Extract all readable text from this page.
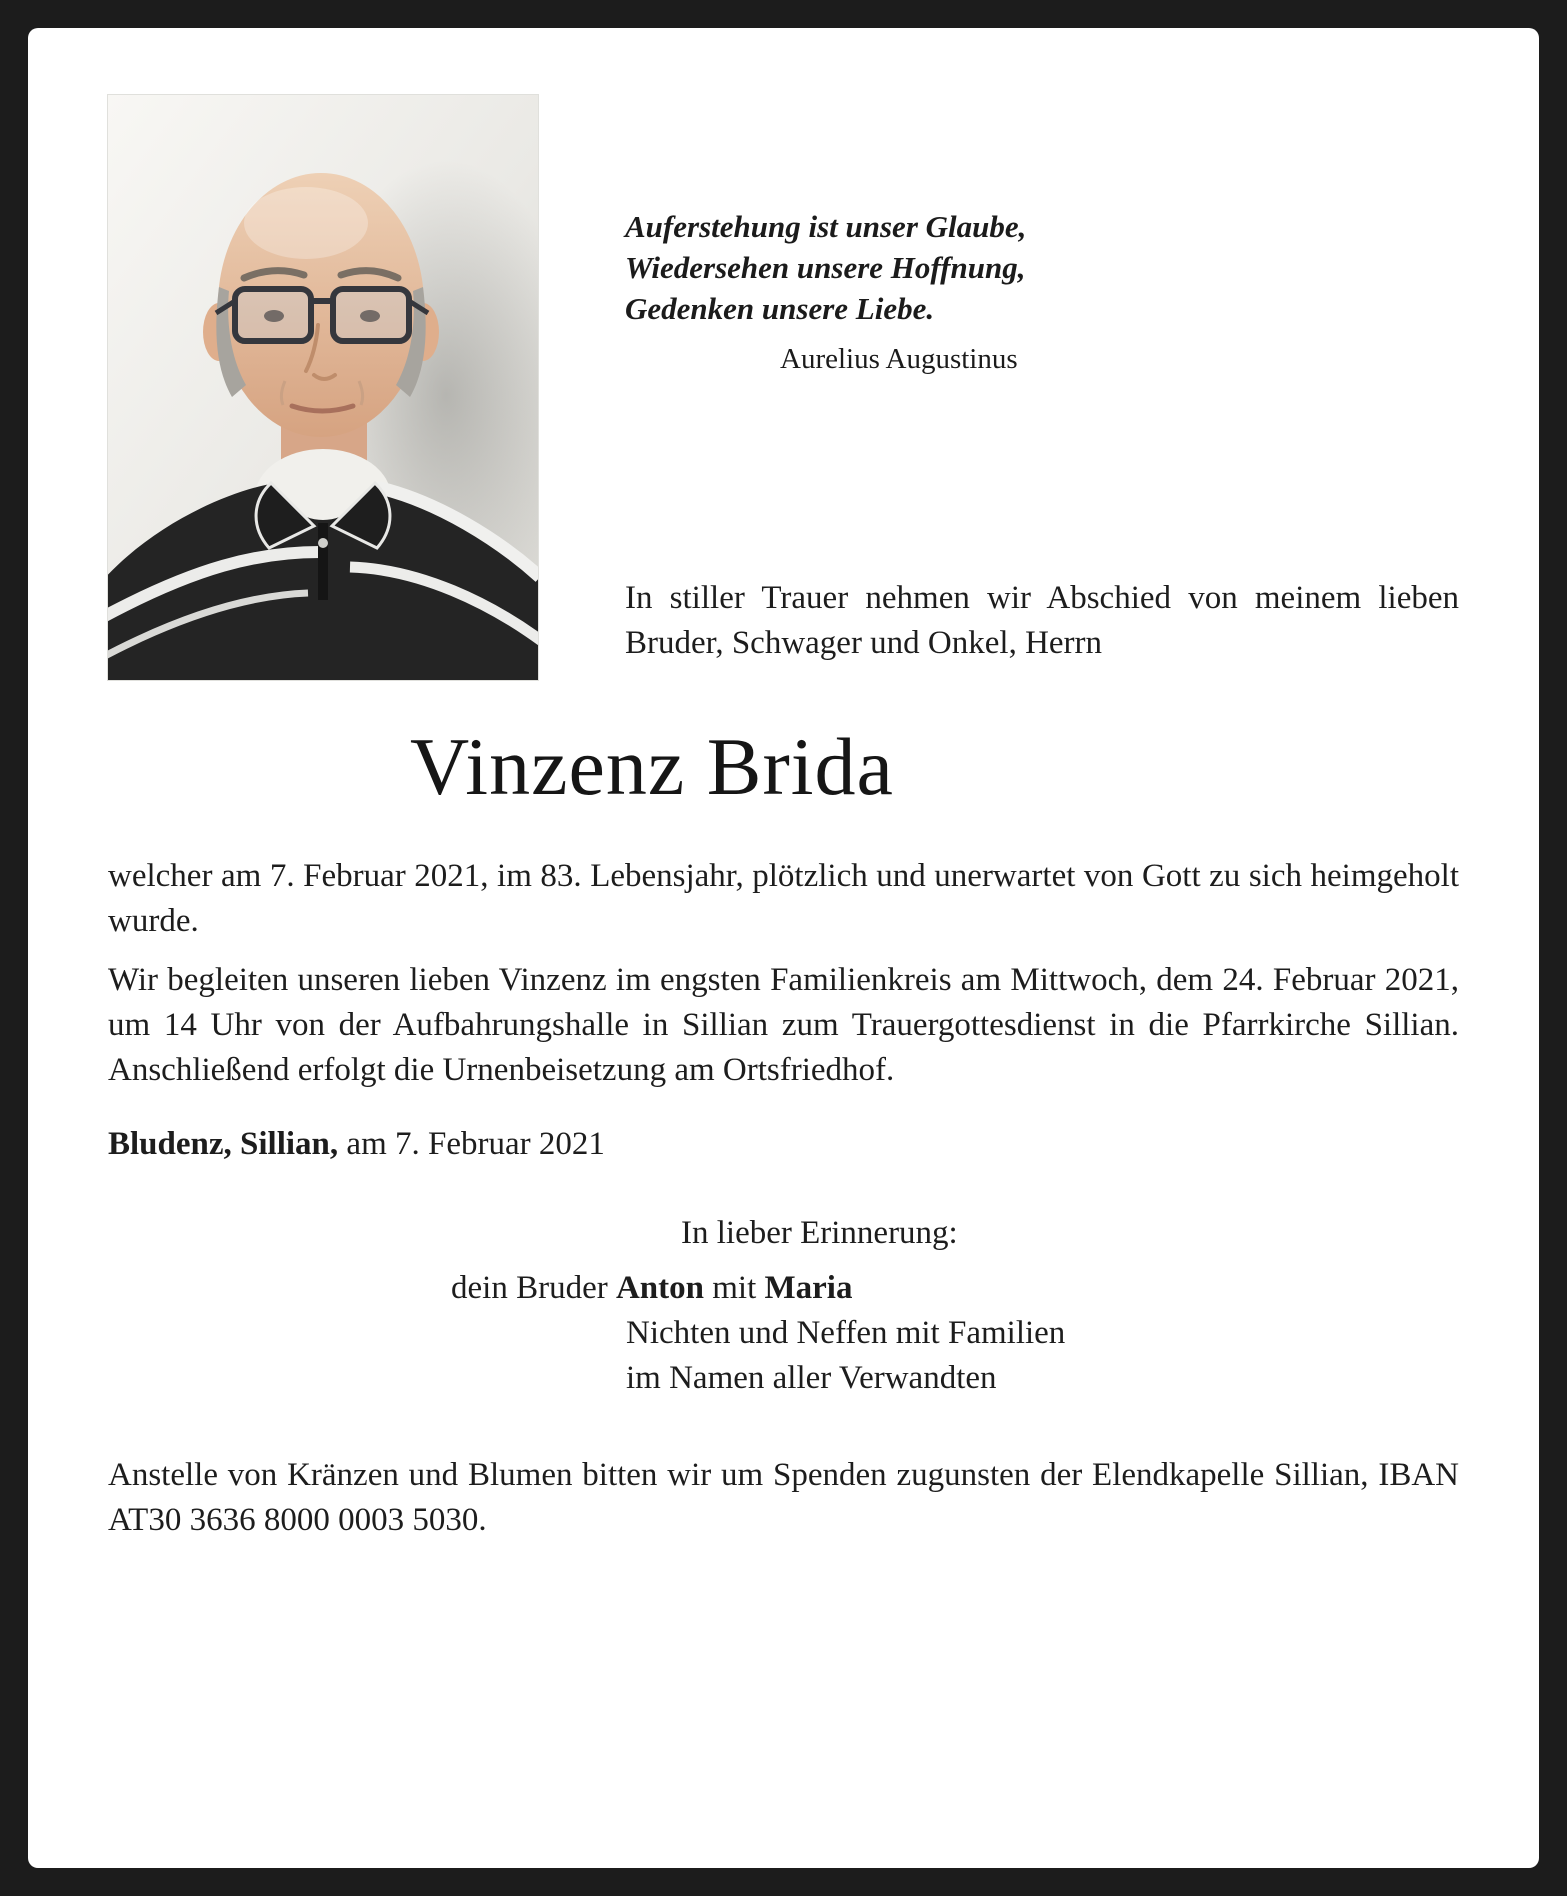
Auferstehung ist unser Glaube,
Wiedersehen unsere Hoffnung,
Gedenken unsere Liebe.
Aurelius Augustinus
In stiller Trauer nehmen wir Abschied von meinem lieben Bruder, Schwager und Onkel, Herrn
Vinzenz Brida
welcher am 7. Februar 2021, im 83. Lebensjahr, plötzlich und unerwartet von Gott zu sich heimgeholt wurde.
Wir begleiten unseren lieben Vinzenz im engsten Familienkreis am Mittwoch, dem 24. Februar 2021, um 14 Uhr von der Aufbahrungshalle in Sillian zum Trauergottesdienst in die Pfarrkirche Sillian. Anschließend erfolgt die Urnenbeisetzung am Ortsfriedhof.
Bludenz, Sillian, am 7. Februar 2021
In lieber Erinnerung:
dein Bruder Anton mit Maria
Nichten und Neffen mit Familien
im Namen aller Verwandten
Anstelle von Kränzen und Blumen bitten wir um Spenden zugunsten der Elendkapelle Sillian, IBAN AT30 3636 8000 0003 5030.
